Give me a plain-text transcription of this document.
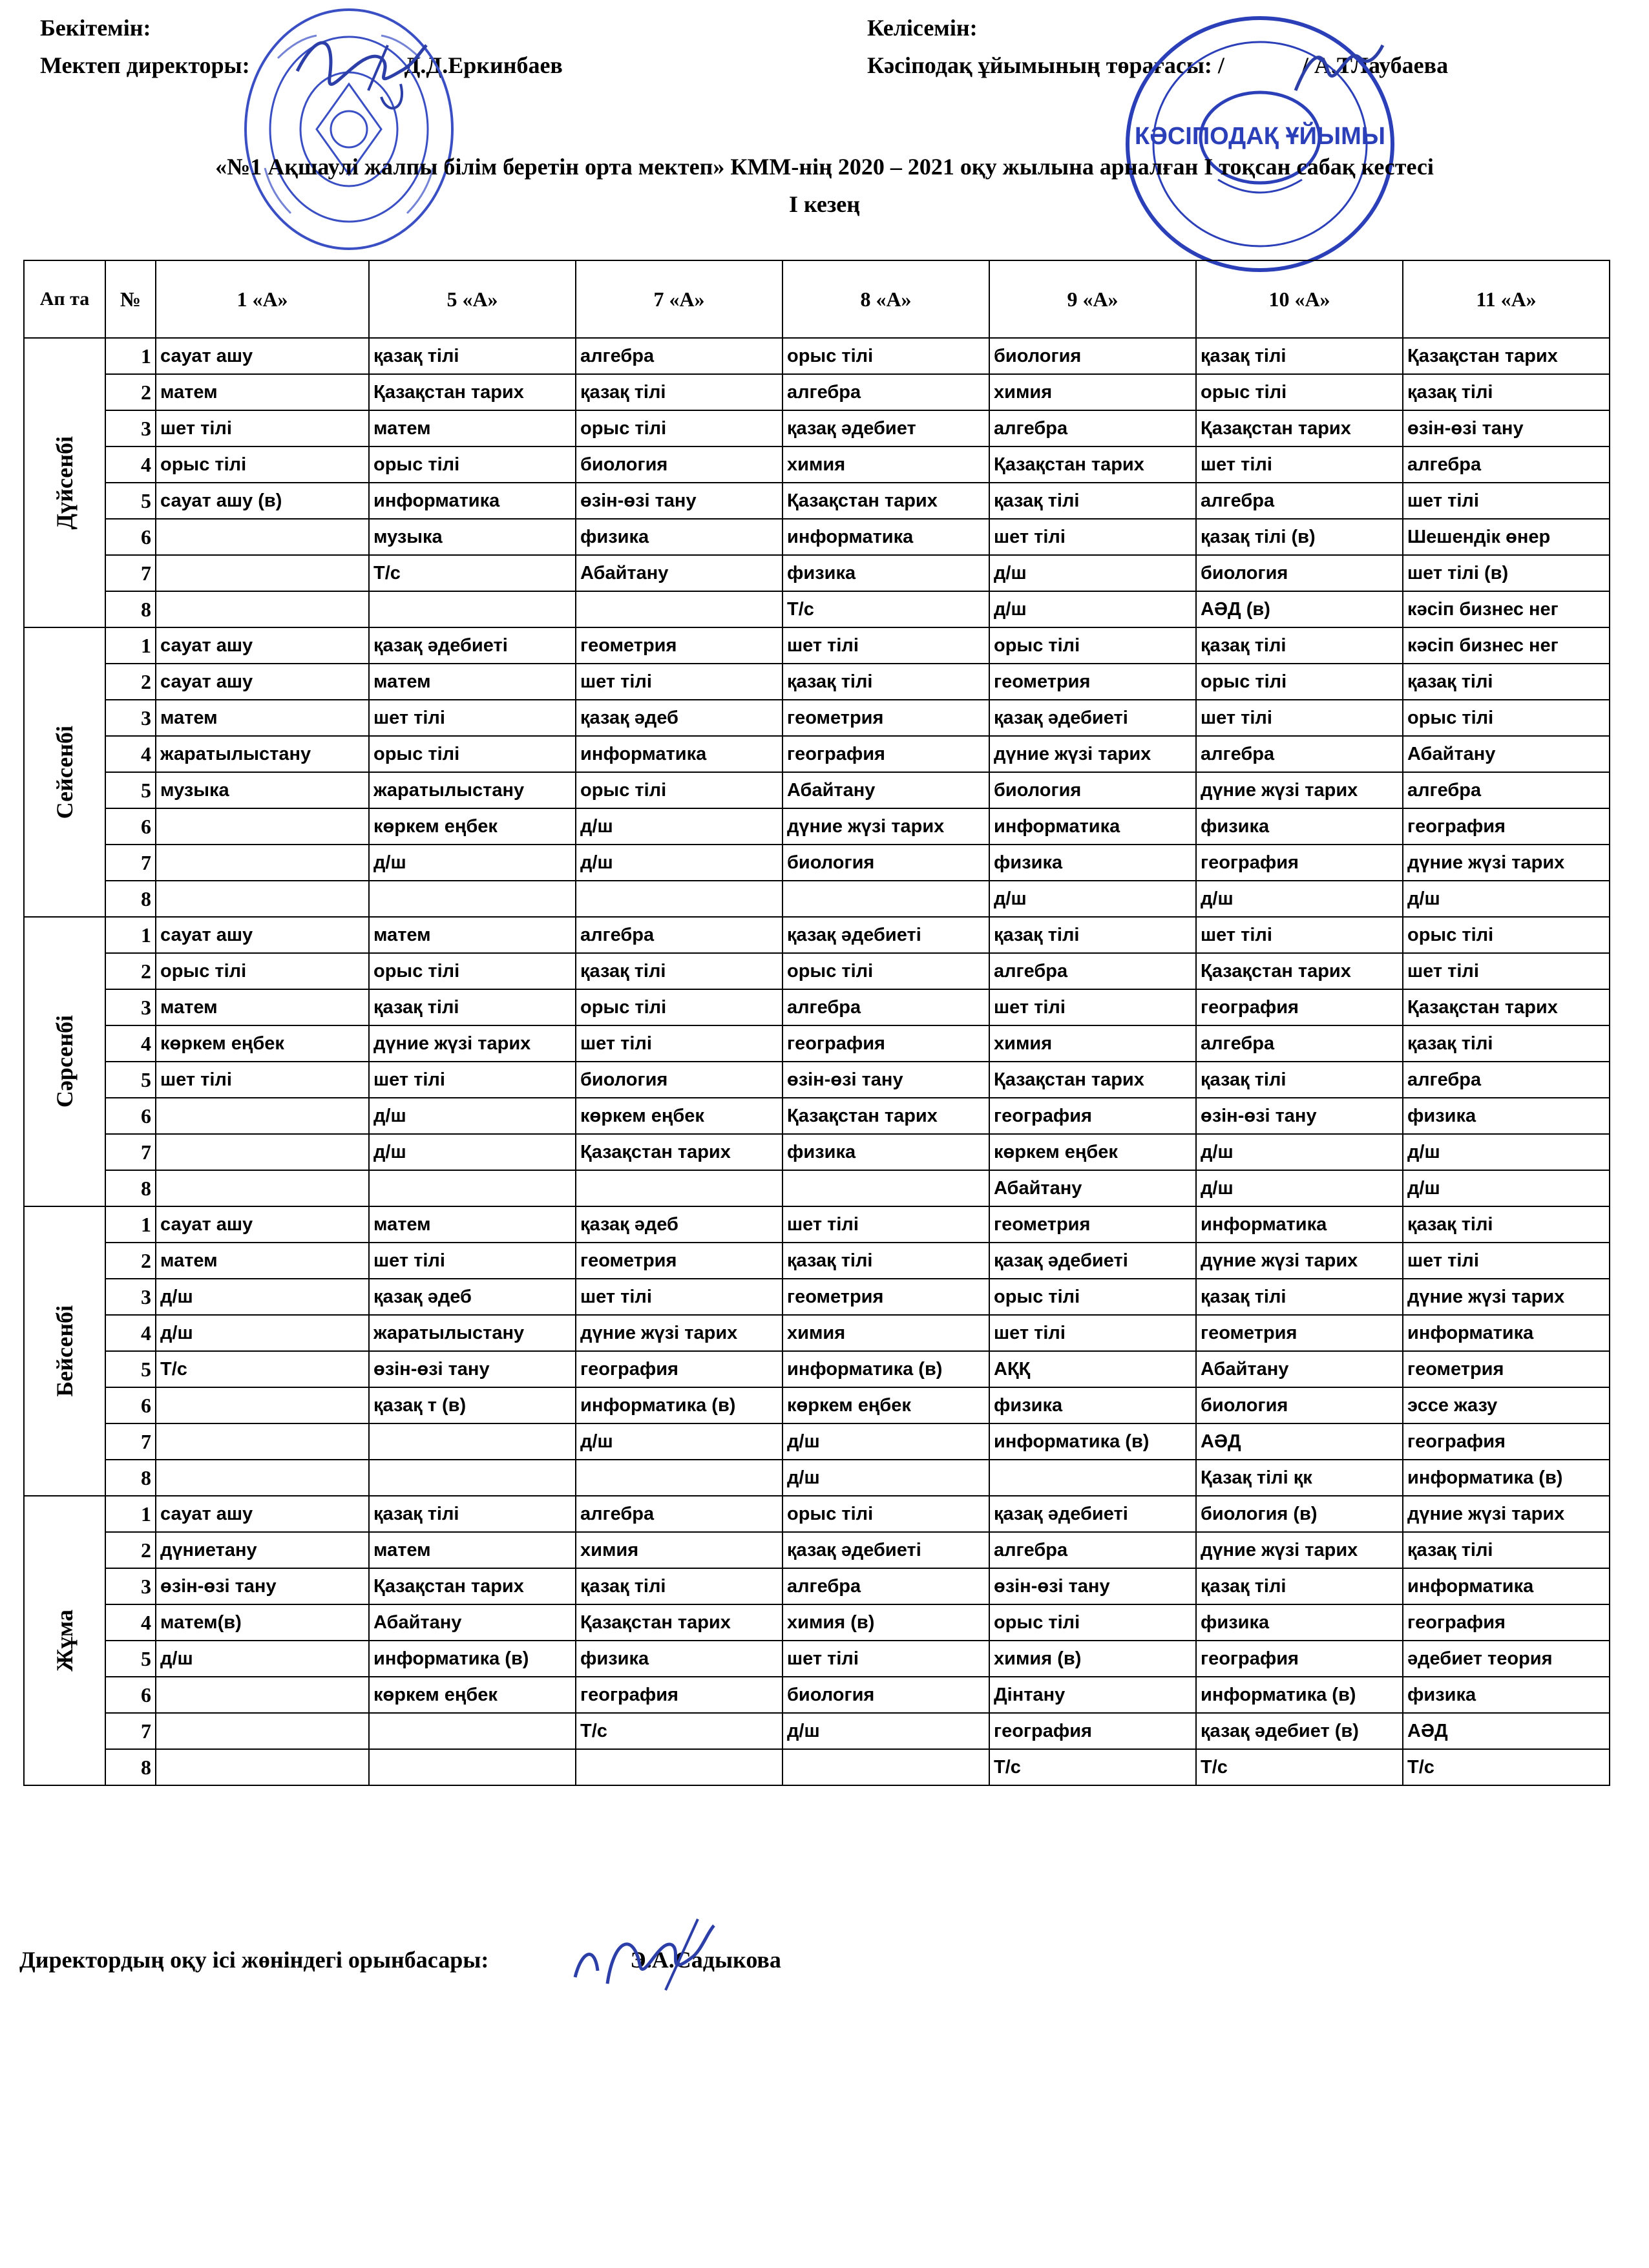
Бекітемін:
Мектеп директоры:	Д.Д.Еркинбаев
Келісемін:
Кәсіподақ ұйымының төрағасы: /	/ А.ТЛаубаева
КӘСІПОДАҚ ҰЙЫМЫ
«№1 Ақшаулі жалпы білім беретін орта мектеп» КММ-нің 2020 – 2021 оқу жылына арналған І тоқсан сабақ кестесі
І кезең
Ап та	№	1 «А»	5 «А»	7 «А»	8 «А»	9 «А»	10 «А»	11 «А»

Дүйсенбі	1	сауат ашу	қазақ тілі	алгебра	орыс тілі	биология	қазақ тілі	Қазақстан тарих
	2	матем	Қазақстан тарих	қазақ тілі	алгебра	химия	орыс тілі	қазақ тілі
	3	шет тілі	матем	орыс тілі	қазақ әдебиет	алгебра	Қазақстан тарих	өзін-өзі тану
	4	орыс тілі	орыс тілі	биология	химия	Қазақстан тарих	шет тілі	алгебра
	5	сауат ашу (в)	информатика	өзін-өзі тану	Қазақстан тарих	қазақ тілі	алгебра	шет тілі
	6		музыка	физика	информатика	шет тілі	қазақ тілі (в)	Шешендік өнер
	7		Т/с	Абайтану	физика	д/ш	биология	шет тілі (в)
	8				Т/с	д/ш	АӘД (в)	кәсіп бизнес нег

Сейсенбі	1	сауат ашу	қазақ әдебиеті	геометрия	шет тілі	орыс тілі	қазақ тілі	кәсіп бизнес нег
	2	сауат ашу	матем	шет тілі	қазақ тілі	геометрия	орыс тілі	қазақ тілі
	3	матем	шет тілі	қазақ әдеб	геометрия	қазақ әдебиеті	шет тілі	орыс тілі
	4	жаратылыстану	орыс тілі	информатика	география	дүние жүзі тарих	алгебра	Абайтану
	5	музыка	жаратылыстану	орыс тілі	Абайтану	биология	дүние жүзі тарих	алгебра
	6		көркем еңбек	д/ш	дүние жүзі тарих	информатика	физика	география
	7		д/ш	д/ш	биология	физика	география	дүние жүзі тарих
	8					д/ш	д/ш	д/ш

Сәрсенбі	1	сауат ашу	матем	алгебра	қазақ әдебиеті	қазақ тілі	шет тілі	орыс тілі
	2	орыс тілі	орыс тілі	қазақ тілі	орыс тілі	алгебра	Қазақстан тарих	шет тілі
	3	матем	қазақ тілі	орыс тілі	алгебра	шет тілі	география	Қазақстан тарих
	4	көркем еңбек	дүние жүзі тарих	шет тілі	география	химия	алгебра	қазақ тілі
	5	шет тілі	шет тілі	биология	өзін-өзі тану	Қазақстан тарих	қазақ тілі	алгебра
	6		д/ш	көркем еңбек	Қазақстан тарих	география	өзін-өзі тану	физика
	7		д/ш	Қазақстан тарих	физика	көркем еңбек	д/ш	д/ш
	8					Абайтану	д/ш	д/ш

Бейсенбі	1	сауат ашу	матем	қазақ әдеб	шет тілі	геометрия	информатика	қазақ тілі
	2	матем	шет тілі	геометрия	қазақ тілі	қазақ әдебиеті	дүние жүзі тарих	шет тілі
	3	д/ш	қазақ әдеб	шет тілі	геометрия	орыс тілі	қазақ тілі	дүние жүзі тарих
	4	д/ш	жаратылыстану	дүние жүзі тарих	химия	шет тілі	геометрия	информатика
	5	Т/с	өзін-өзі тану	география	информатика (в)	АҚҚ	Абайтану	геометрия
	6		қазақ т (в)	информатика (в)	көркем еңбек	физика	биология	эссе жазу
	7			д/ш	д/ш	информатика (в)	АӘД	география
	8				д/ш		Қазақ тілі қк	информатика (в)

Жұма	1	сауат ашу	қазақ тілі	алгебра	орыс тілі	қазақ әдебиеті	биология (в)	дүние жүзі тарих
	2	дүниетану	матем	химия	қазақ әдебиеті	алгебра	дүние жүзі тарих	қазақ тілі
	3	өзін-өзі тану	Қазақстан тарих	қазақ тілі	алгебра	өзін-өзі тану	қазақ тілі	информатика
	4	матем(в)	Абайтану	Қазақстан тарих	химия (в)	орыс тілі	физика	география
	5	д/ш	информатика (в)	физика	шет тілі	химия (в)	география	әдебиет теория
	6		көркем еңбек	география	биология	Дінтану	информатика (в)	физика
	7			Т/с	д/ш	география	қазақ әдебиет (в)	АӘД
	8					Т/с	Т/с	Т/с
Директордың оқу ісі жөніндегі орынбасары:	Э.А.Садыкова
